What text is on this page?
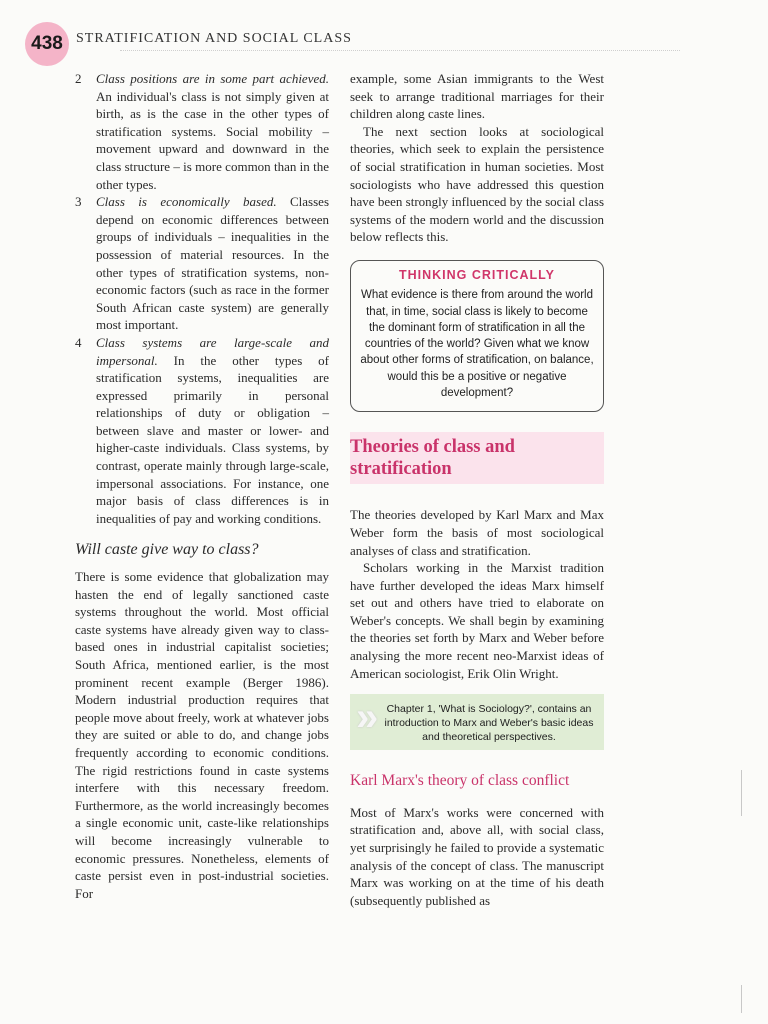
438 STRATIFICATION AND SOCIAL CLASS
2 Class positions are in some part achieved. An individual's class is not simply given at birth, as is the case in the other types of stratification systems. Social mobility – movement upward and downward in the class structure – is more common than in the other types.
3 Class is economically based. Classes depend on economic differences between groups of individuals – inequalities in the possession of material resources. In the other types of stratification systems, non-economic factors (such as race in the former South African caste system) are generally most important.
4 Class systems are large-scale and impersonal. In the other types of stratification systems, inequalities are expressed primarily in personal relationships of duty or obligation – between slave and master or lower- and higher-caste individuals. Class systems, by contrast, operate mainly through large-scale, impersonal associations. For instance, one major basis of class differences is in inequalities of pay and working conditions.
Will caste give way to class?

There is some evidence that globalization may hasten the end of legally sanctioned caste systems throughout the world. Most official caste systems have already given way to class-based ones in industrial capitalist societies; South Africa, mentioned earlier, is the most prominent recent example (Berger 1986). Modern industrial production requires that people move about freely, work at whatever jobs they are suited or able to do, and change jobs frequently according to economic conditions. The rigid restrictions found in caste systems interfere with this necessary freedom. Furthermore, as the world increasingly becomes a single economic unit, caste-like relationships will become increasingly vulnerable to economic pressures. Nonetheless, elements of caste persist even in post-industrial societies. For

example, some Asian immigrants to the West seek to arrange traditional marriages for their children along caste lines.

The next section looks at sociological theories, which seek to explain the persistence of social stratification in human societies. Most sociologists who have addressed this question have been strongly influenced by the social class systems of the modern world and the discussion below reflects this.

THINKING CRITICALLY
What evidence is there from around the world that, in time, social class is likely to become the dominant form of stratification in all the countries of the world? Given what we know about other forms of stratification, on balance, would this be a positive or negative development?
Theories of class and stratification

The theories developed by Karl Marx and Max Weber form the basis of most sociological analyses of class and stratification.

Scholars working in the Marxist tradition have further developed the ideas Marx himself set out and others have tried to elaborate on Weber's concepts. We shall begin by examining the theories set forth by Marx and Weber before analysing the more recent neo-Marxist ideas of American sociologist, Erik Olin Wright.

» Chapter 1, 'What is Sociology?', contains an introduction to Marx and Weber's basic ideas and theoretical perspectives.
Karl Marx's theory of class conflict

Most of Marx's works were concerned with stratification and, above all, with social class, yet surprisingly he failed to provide a systematic analysis of the concept of class. The manuscript Marx was working on at the time of his death (subsequently published as
